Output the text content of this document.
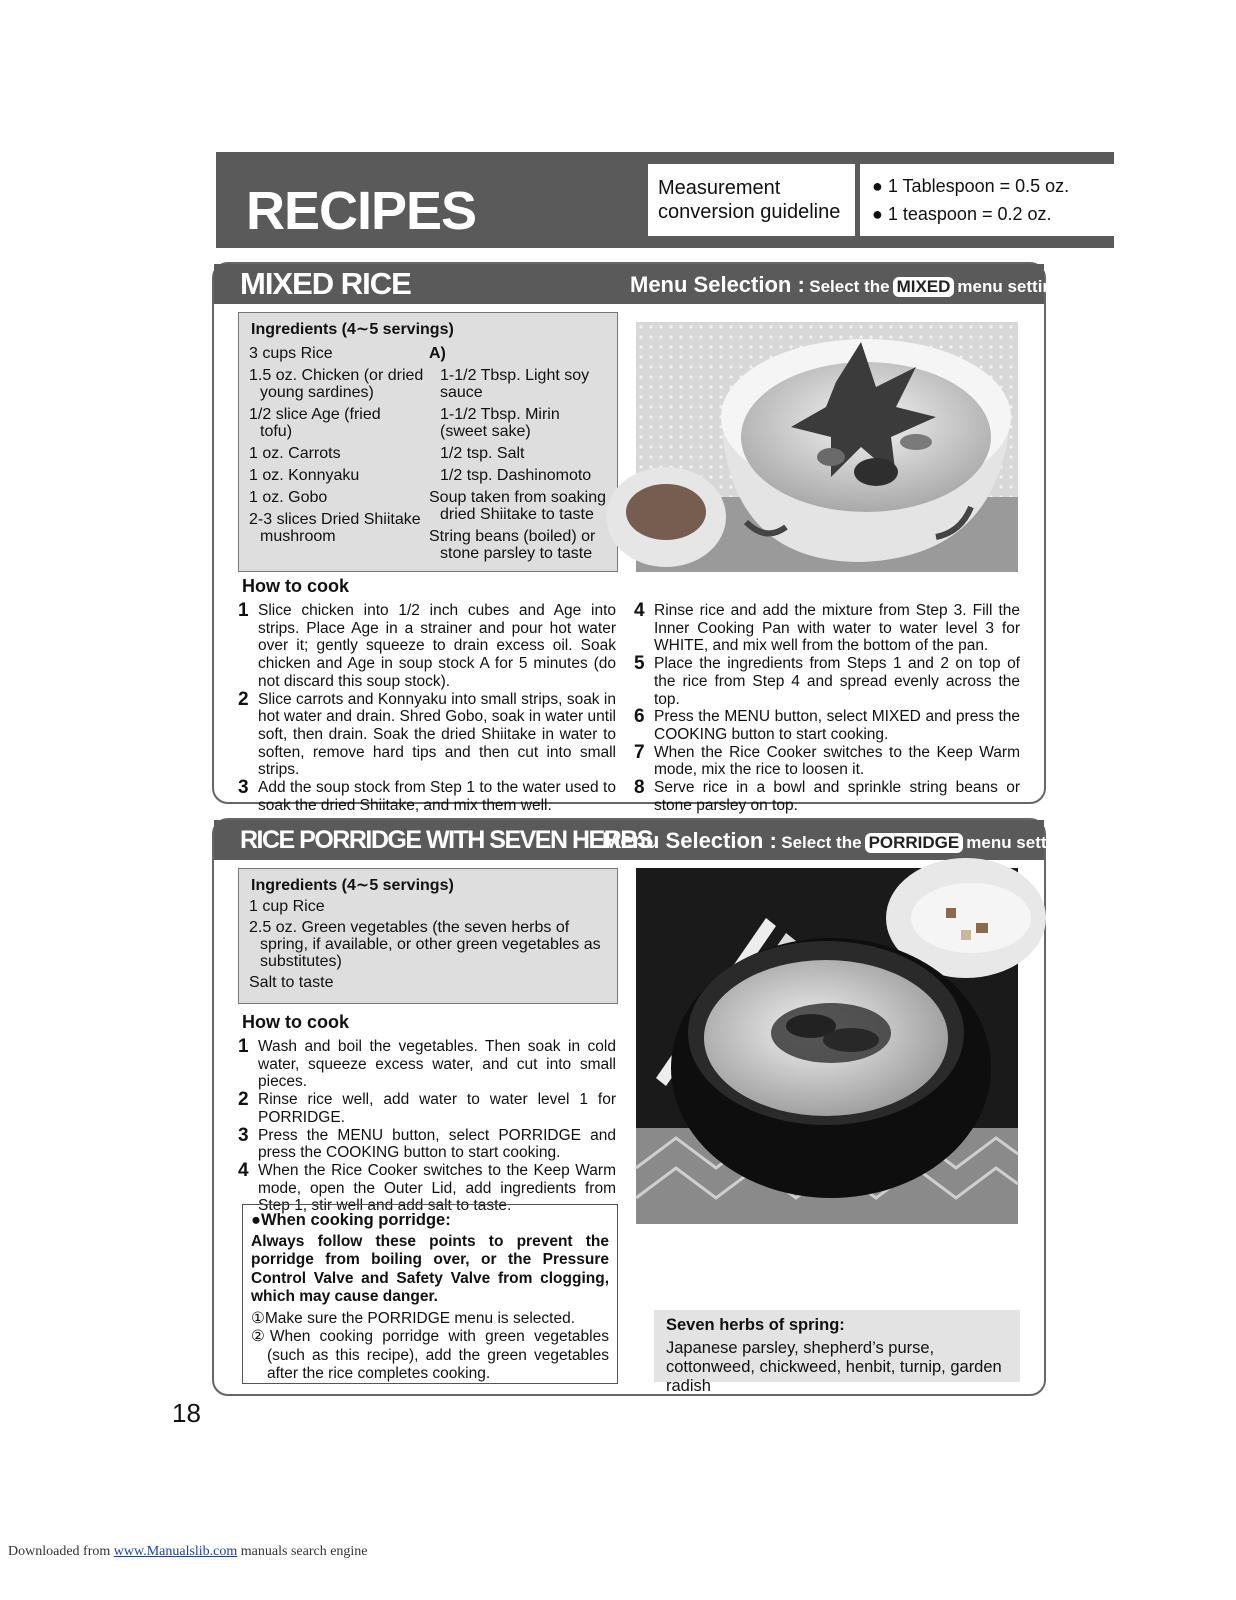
RECIPES	Measurement
conversion guideline
● 1 Tablespoon = 0.5 oz.
● 1 teaspoon = 0.2 oz.
MIXED RICE	Menu Selection : Select the MIXED menu setting.
Ingredients (4∼5 servings)
3 cups Rice
1.5 oz. Chicken (or dried young sardines)
1/2 slice Age (fried tofu)
1 oz. Carrots
1 oz. Konnyaku
1 oz. Gobo
2-3 slices Dried Shiitake mushroom
A)
1-1/2 Tbsp. Light soy sauce
1-1/2 Tbsp. Mirin (sweet sake)
1/2 tsp. Salt
1/2 tsp. Dashinomoto
Soup taken from soaking dried Shiitake to taste
String beans (boiled) or stone parsley to taste
How to cook
1 Slice chicken into 1/2 inch cubes and Age into strips. Place Age in a strainer and pour hot water over it; gently squeeze to drain excess oil. Soak chicken and Age in soup stock A for 5 minutes (do not discard this soup stock).
2 Slice carrots and Konnyaku into small strips, soak in hot water and drain. Shred Gobo, soak in water until soft, then drain. Soak the dried Shiitake in water to soften, remove hard tips and then cut into small strips.
3 Add the soup stock from Step 1 to the water used to soak the dried Shiitake, and mix them well.
4 Rinse rice and add the mixture from Step 3. Fill the Inner Cooking Pan with water to water level 3 for WHITE, and mix well from the bottom of the pan.
5 Place the ingredients from Steps 1 and 2 on top of the rice from Step 4 and spread evenly across the top.
6 Press the MENU button, select MIXED and press the COOKING button to start cooking.
7 When the Rice Cooker switches to the Keep Warm mode, mix the rice to loosen it.
8 Serve rice in a bowl and sprinkle string beans or stone parsley on top.
RICE PORRIDGE WITH SEVEN HERBS
Menu Selection : Select the PORRIDGE menu setting.
Ingredients (4∼5 servings)
1 cup Rice
2.5 oz. Green vegetables (the seven herbs of spring, if available, or other green vegetables as substitutes)
Salt to taste
How to cook
1 Wash and boil the vegetables. Then soak in cold water, squeeze excess water, and cut into small pieces.
2 Rinse rice well, add water to water level 1 for PORRIDGE.
3 Press the MENU button, select PORRIDGE and press the COOKING button to start cooking.
4 When the Rice Cooker switches to the Keep Warm mode, open the Outer Lid, add ingredients from Step 1, stir well and add salt to taste.
●When cooking porridge:
Always follow these points to prevent the porridge from boiling over, or the Pressure Control Valve and Safety Valve from clogging, which may cause danger.
①Make sure the PORRIDGE menu is selected.
②When cooking porridge with green vegetables (such as this recipe), add the green vegetables after the rice completes cooking.
Seven herbs of spring:
Japanese parsley, shepherd’s purse, cottonweed, chickweed, henbit, turnip, garden radish
18
Downloaded from www.Manualslib.com manuals search engine
